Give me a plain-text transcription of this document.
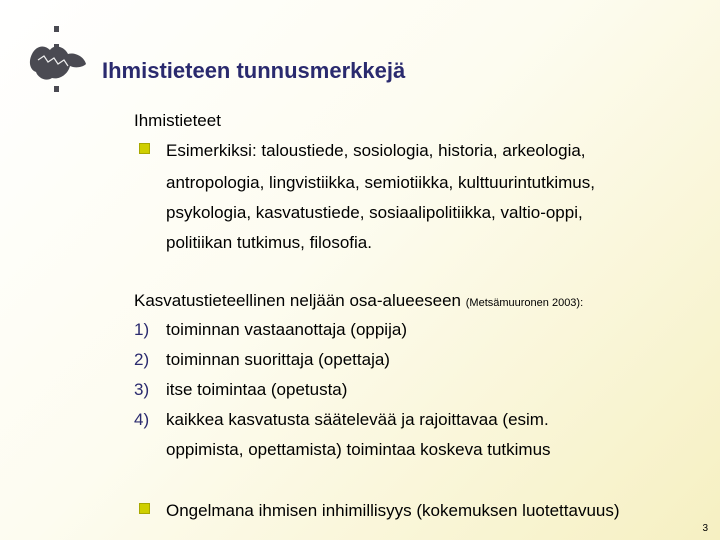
Ihmistieteen tunnusmerkkejä
Ihmistieteet
Esimerkiksi: taloustiede, sosiologia, historia, arkeologia,
antropologia, lingvistiikka, semiotiikka, kulttuurintutkimus,
psykologia, kasvatustiede, sosiaalipolitiikka, valtio-oppi,
politiikan tutkimus, filosofia.
Kasvatustieteellinen neljään osa-alueeseen (Metsämuuronen 2003):
1) toiminnan vastaanottaja (oppija)
2) toiminnan suorittaja (opettaja)
3) itse toimintaa (opetusta)
4) kaikkea kasvatusta säätelevää ja rajoittavaa (esim.
oppimista, opettamista) toimintaa koskeva tutkimus
Ongelmana ihmisen inhimillisyys (kokemuksen luotettavuus)
3
